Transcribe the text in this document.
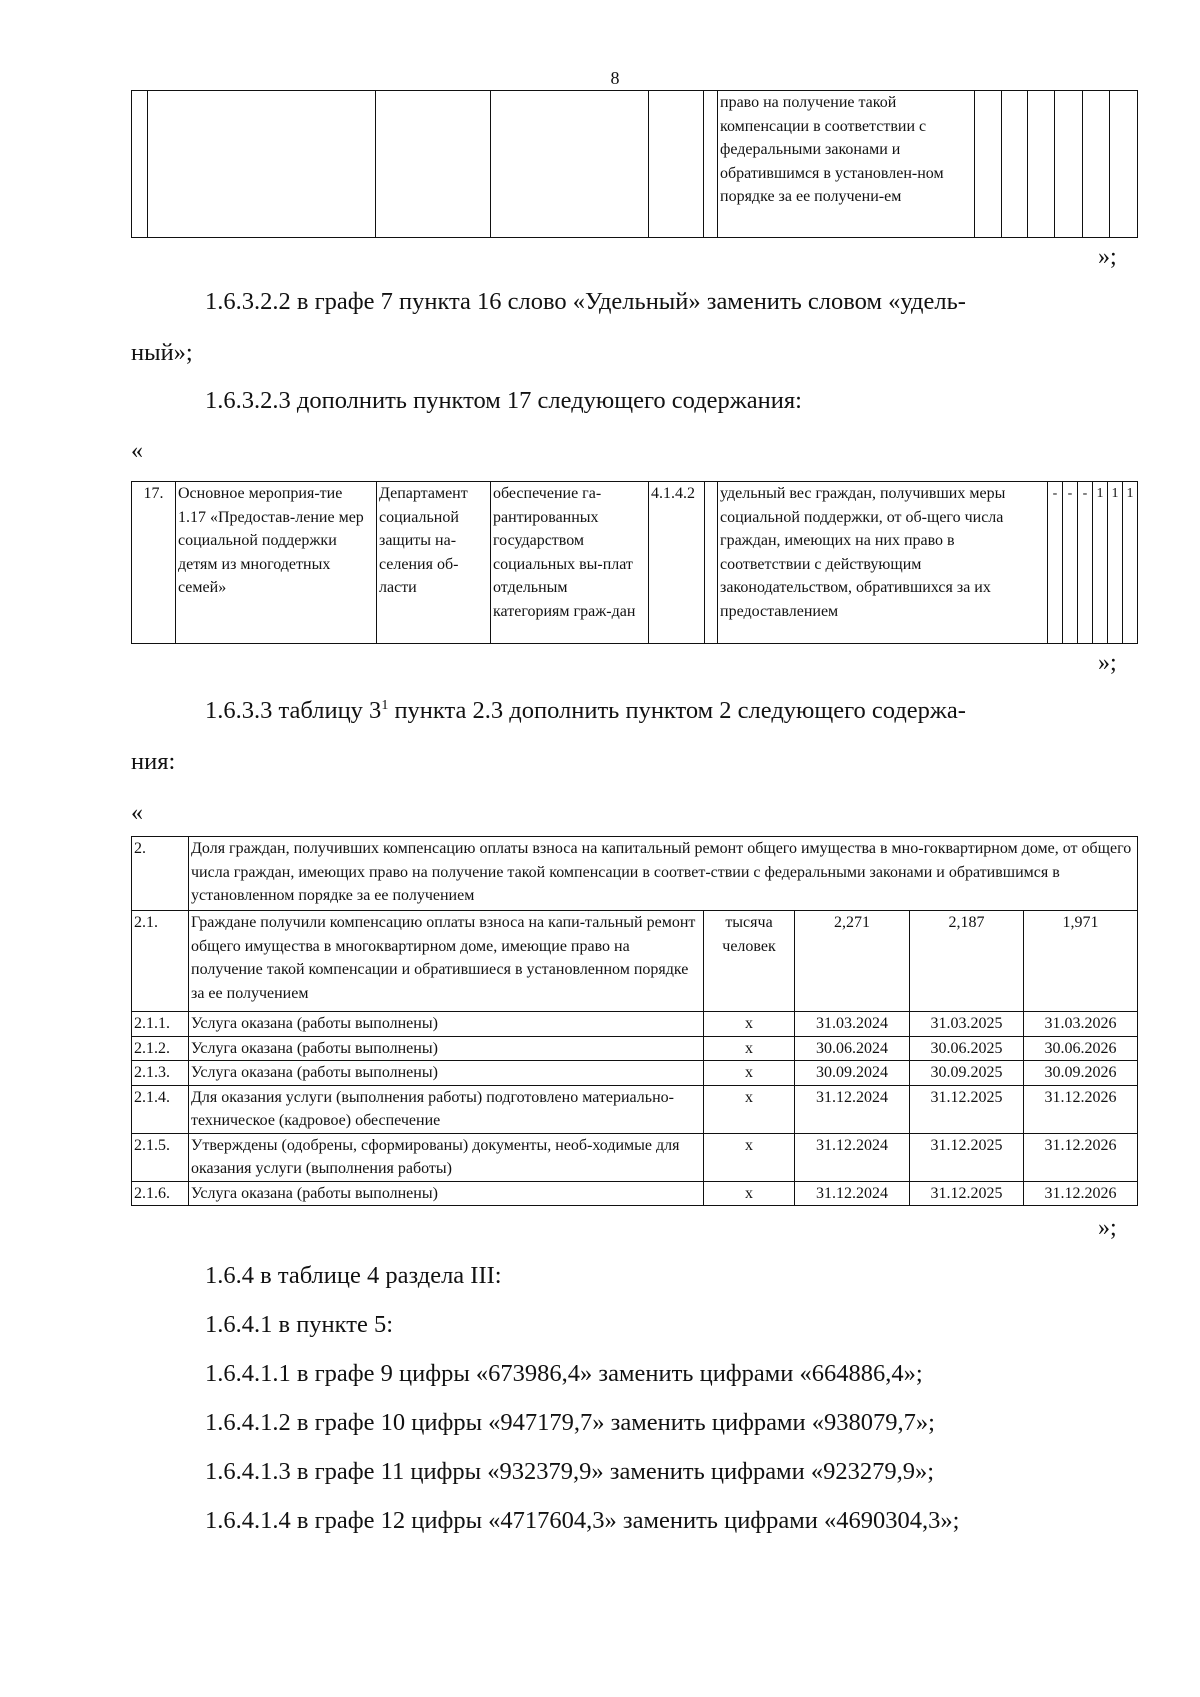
8
						право на получение такой компенсации в соответствии с федеральными законами и обратившимся в установлен-ном порядке за ее получени-ем						
»;
1.6.3.2.2 в графе 7 пункта 16 слово «Удельный» заменить словом «удель-
ный»;
1.6.3.2.3 дополнить пунктом 17 следующего содержания:
«
17.	Основное мероприя-тие 1.17 «Предостав-ление мер социальной поддержки детям из многодетных семей»	Департамент социальной защиты на-селения об-ласти	обеспечение га-рантированных государством социальных вы-плат отдельным категориям граж-дан	4.1.4.2		удельный вес граждан, получивших меры социальной поддержки, от об-щего числа граждан, имеющих на них право в соответствии с действующим законодательством, обратившихся за их предоставлением	-	-	-	1	1	1
»;
1.6.3.3 таблицу $3^1$ пункта 2.3 дополнить пунктом 2 следующего содержа-
ния:
«
2.	Доля граждан, получивших компенсацию оплаты взноса на капитальный ремонт общего имущества в мно-гоквартирном доме, от общего числа граждан, имеющих право на получение такой компенсации в соответ-ствии с федеральными законами и обратившимся в установленном порядке за ее получением				
2.1.	Граждане получили компенсацию оплаты взноса на капи-тальный ремонт общего имущества в многоквартирном доме, имеющие право на получение такой компенсации и обратившиеся в установленном порядке за ее получением	тысяча человек	2,271	2,187	1,971
2.1.1.	Услуга оказана (работы выполнены)	х	31.03.2024	31.03.2025	31.03.2026
2.1.2.	Услуга оказана (работы выполнены)	х	30.06.2024	30.06.2025	30.06.2026
2.1.3.	Услуга оказана (работы выполнены)	х	30.09.2024	30.09.2025	30.09.2026
2.1.4.	Для оказания услуги (выполнения работы) подготовлено материально-техническое (кадровое) обеспечение	х	31.12.2024	31.12.2025	31.12.2026
2.1.5.	Утверждены (одобрены, сформированы) документы, необ-ходимые для оказания услуги (выполнения работы)	х	31.12.2024	31.12.2025	31.12.2026
2.1.6.	Услуга оказана (работы выполнены)	х	31.12.2024	31.12.2025	31.12.2026
»;
1.6.4 в таблице 4 раздела III:
1.6.4.1 в пункте 5:
1.6.4.1.1 в графе 9 цифры «673986,4» заменить цифрами «664886,4»;
1.6.4.1.2 в графе 10 цифры «947179,7» заменить цифрами «938079,7»;
1.6.4.1.3 в графе 11 цифры «932379,9» заменить цифрами «923279,9»;
1.6.4.1.4 в графе 12 цифры «4717604,3» заменить цифрами «4690304,3»;
